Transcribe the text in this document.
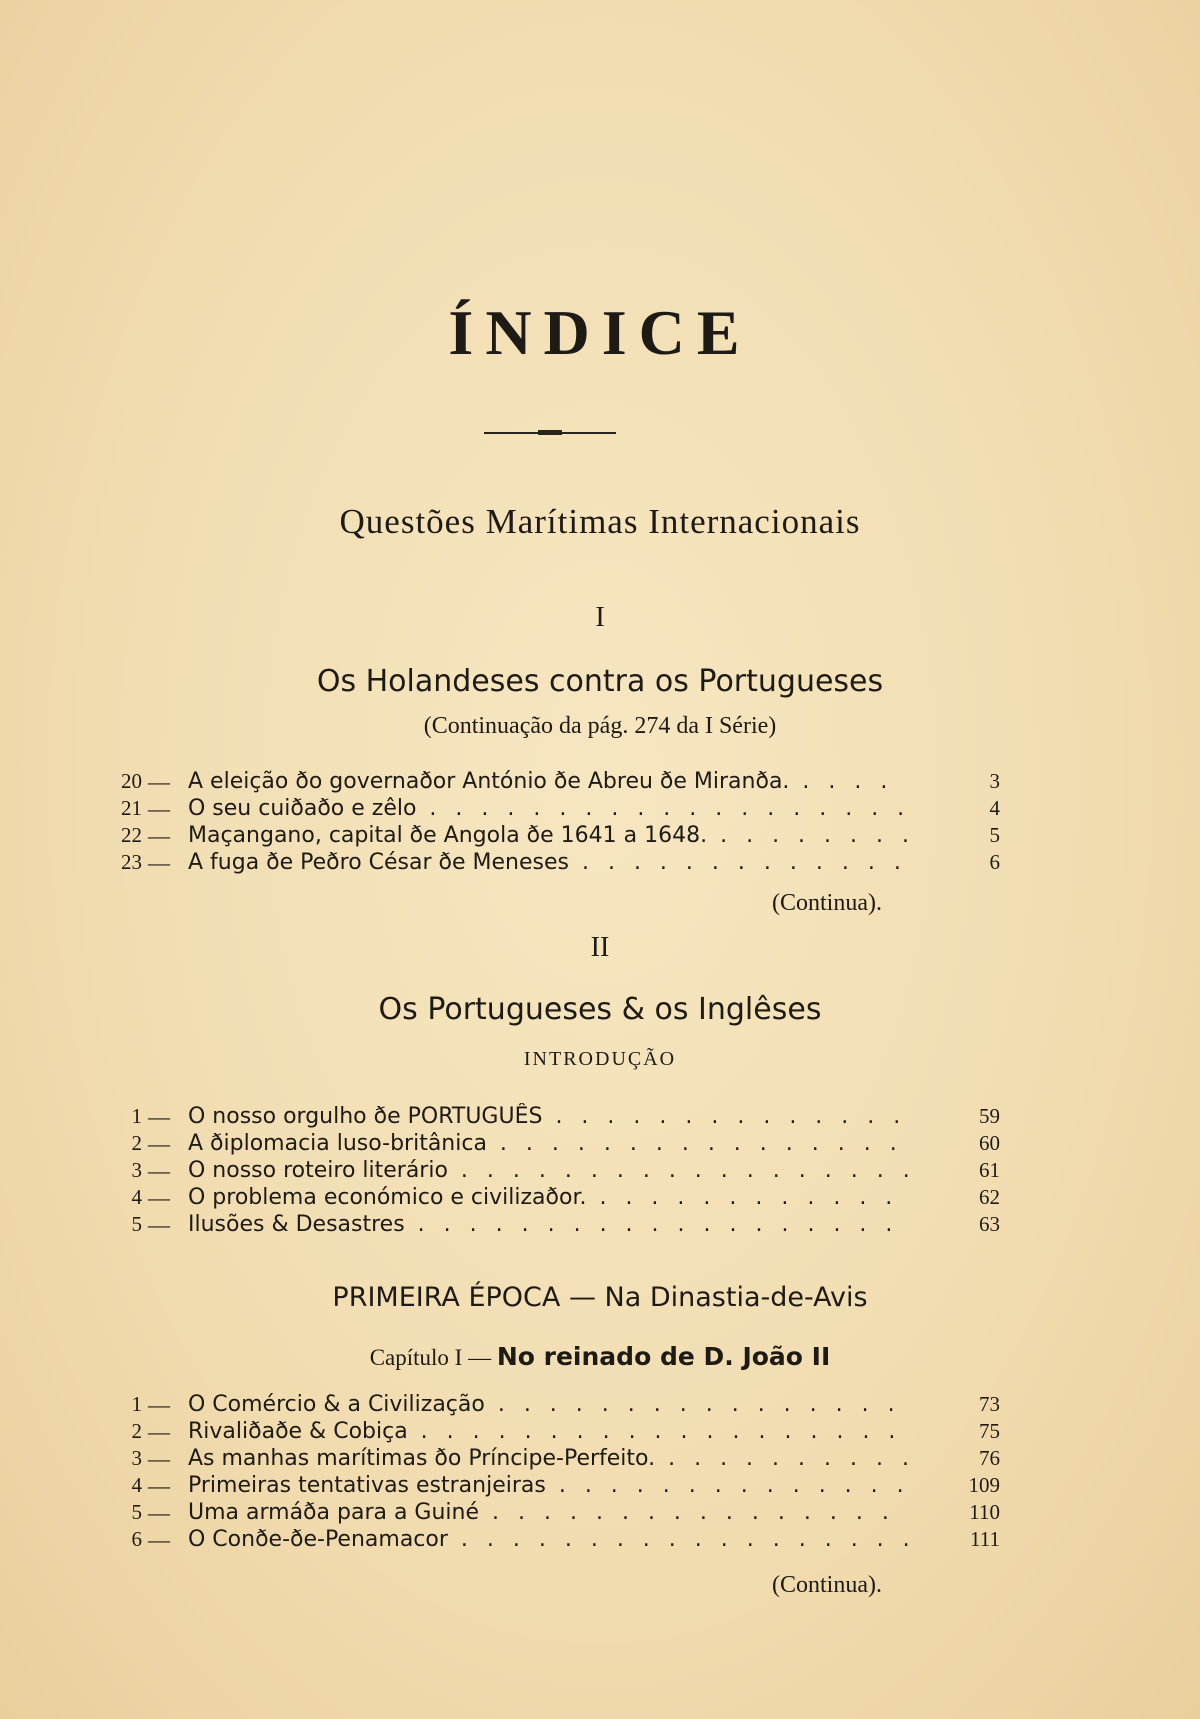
ÍNDICE
Questões Marítimas Internacionais
I
Os Holandeses contra os Portugueses
(Continuação da pág. 274 da I Série)
20 — A eleição ðo governaðor António ðe Abreu ðe Miranða. . . .	3
21 — O seu cuiðaðo e zêlo . . .	4
22 — Maçangano, capital ðe Angola ðe 1641 a 1648. . . .	5
23 — A fuga ðe Peðro César ðe Meneses . . .	6
(Continua).
II
Os Portugueses & os Inglêses
INTRODUÇÃO
1 — O nosso orgulho ðe PORTUGUÊS . . .	59
2 — A ðiplomacia luso-britânica . . .	60
3 — O nosso roteiro literário . . .	61
4 — O problema económico e civilizaðor. . . .	62
5 — Ilusões & Desastres . . .	63
PRIMEIRA ÉPOCA — Na Dinastia-de-Avis
Capítulo I — No reinado de D. João II
1 — O Comércio & a Civilização . . .	73
2 — Rivaliðaðe & Cobiça . . .	75
3 — As manhas marítimas ðo Príncipe-Perfeito. . . .	76
4 — Primeiras tentativas estranjeiras . . .	109
5 — Uma armáða para a Guiné . . .	110
6 — O Conðe-ðe-Penamacor . . .	111
(Continua).
